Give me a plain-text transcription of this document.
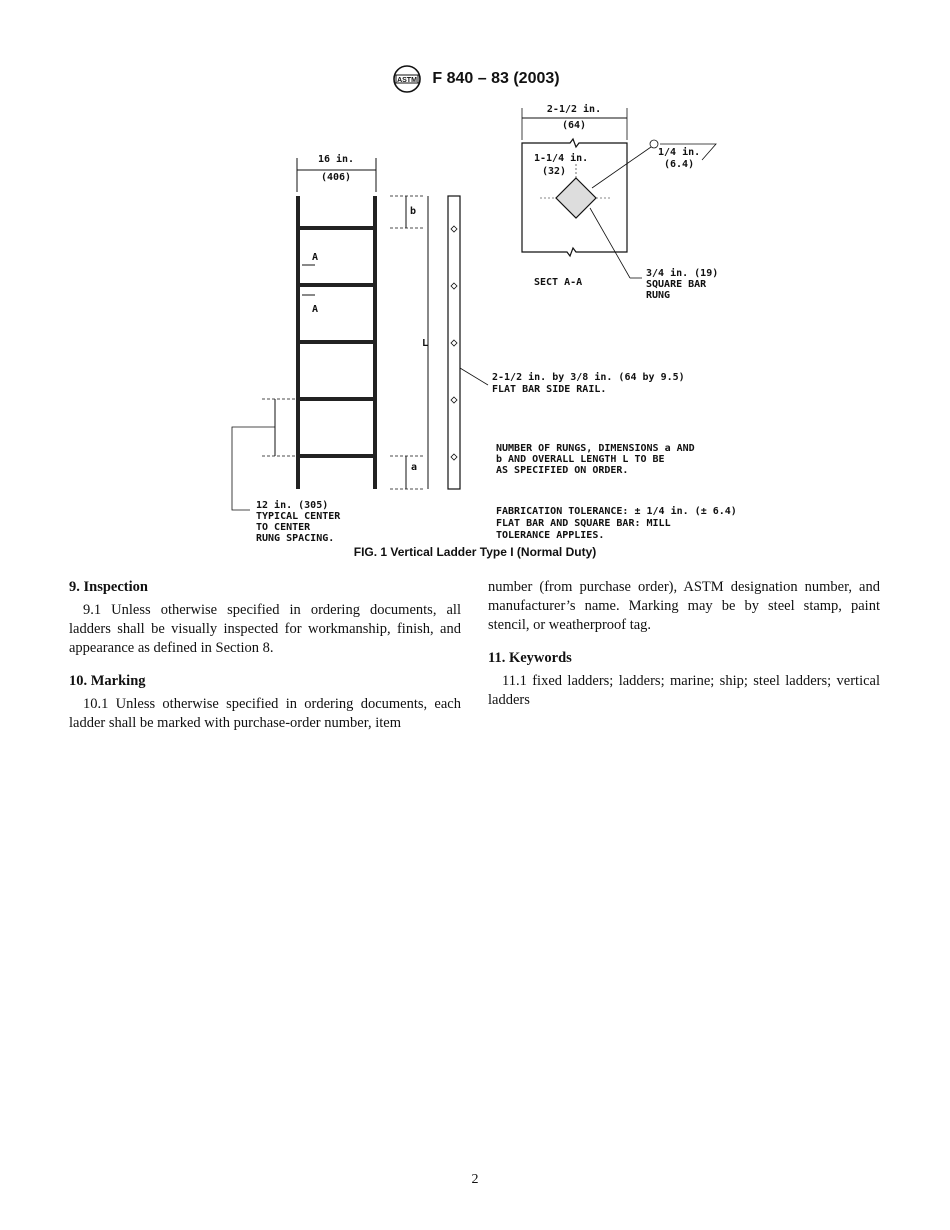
ASTM F 840 – 83 (2003)
16 in.
(406)
A
A
b
L
a
2-1/2 in. by 3/8 in. (64 by 9.5)
FLAT BAR SIDE RAIL.
12 in. (305)
TYPICAL CENTER
TO CENTER
RUNG SPACING.
NUMBER OF RUNGS, DIMENSIONS a AND
b AND OVERALL LENGTH L TO BE
AS SPECIFIED ON ORDER.
FABRICATION TOLERANCE: ± 1/4 in. (± 6.4)
FLAT BAR AND SQUARE BAR: MILL
TOLERANCE APPLIES.
2-1/2 in.
(64)
1-1/4 in.
(32)
1/4 in.
(6.4)
SECT A-A
3/4 in. (19)
SQUARE BAR
RUNG
FIG. 1 Vertical Ladder Type I (Normal Duty)
9. Inspection

9.1 Unless otherwise specified in ordering documents, all ladders shall be visually inspected for workmanship, finish, and appearance as defined in Section 8.

10. Marking

10.1 Unless otherwise specified in ordering documents, each ladder shall be marked with purchase-order number, item

number (from purchase order), ASTM designation number, and manufacturer’s name. Marking may be by steel stamp, paint stencil, or weatherproof tag.

11. Keywords

11.1 fixed ladders; ladders; marine; ship; steel ladders; vertical ladders

2
